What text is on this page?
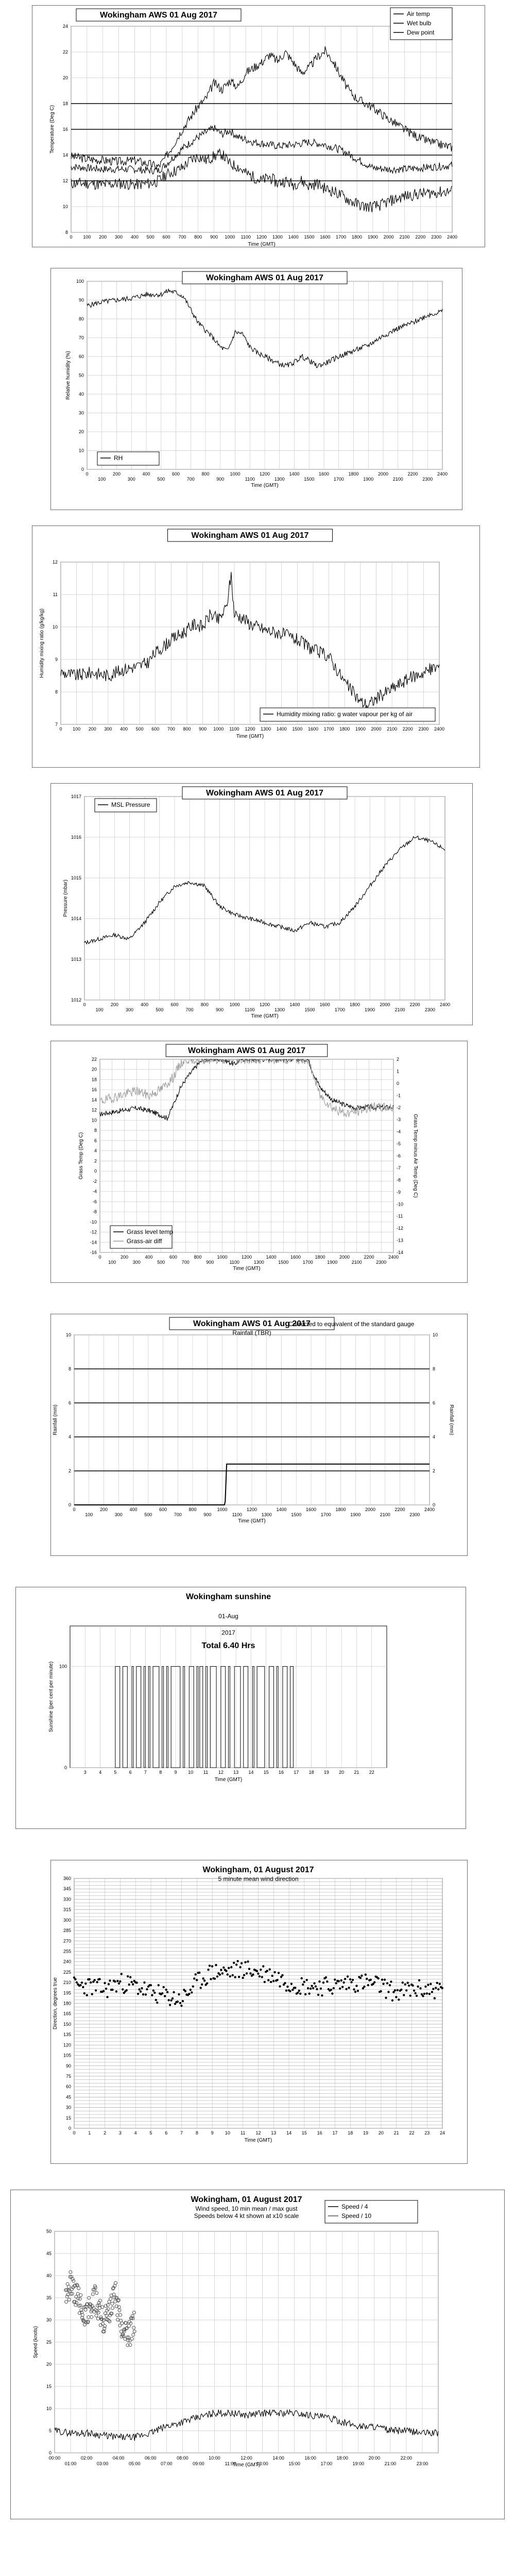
0 100 200 300 400 500 600 700 800 900 1000 1100 1200 1300 1400 1500 1600 1700 1800 1900 2000 2100 2200 2300 2400
8
10
12
14
16
18
20
22
24
Time (GMT)
Temperature (Deg C)
Wokingham AWS 01 Aug 2017	Air temp
Wet bulb
Dew point
0
100
200
300
400
500
600
700
800
900
1000
1100
1200
1300
1400
1500
1600
1700
1800
1900
2000
2100
2200
2300
2400
0
10
20
30
40
50
60
70
80
90
100
Time (GMT)
Relative humidity (%)
Wokingham AWS 01 Aug 2017
RH
0 100 200 300 400 500 600 700 800 900 1000 1100 1200 1300 1400 1500 1600 1700 1800 1900 2000 2100 2200 2300 2400
7
8
9
10
11
12
Time (GMT)
Humidity mixing ratio (g/kg/kg)
Wokingham AWS 01 Aug 2017
Humidity mixing ratio: g water vapour per kg of air
0
100
200
300
400
500
600
700
800
900
1000
1100
1200
1300
1400
1500
1600
1700
1800
1900
2000
2100
2200
2300
2400
1012
1013
1014
1015
1016
1017
Time (GMT)
Pressure (mbar)
Wokingham AWS 01 Aug 2017
MSL Pressure
0
100
200
300
400
500
600
700
800
900
1000
1100
1200
1300
1400
1500
1600
1700
1800
1900
2000
2100
2200
2300
2400
-16
-14
-12
-10
-8
-6
-4
-2
0
2
4
6
8
10
12
14
16
18
20
22
-14
-13
-12
-11
-10
-9
-8
-7
-6
-5
-4
-3
-2
-1
0
1
2
Time (GMT)
Grass Temp (Deg C)	Grass Temp minus Air Temp (Deg C)
Wokingham AWS 01 Aug 2017
Grass level temp
Grass-air diff
0
100
200
300
400
500
600
700
800
900
1000
1100
1200
1300
1400
1500
1600
1700
1800
1900
2000
2100
2200
2300
2400
0
2
4
6
8
10
0
2
4
6
8
10
Time (GMT)
Rainfall (mm)	Rainfall (mm)
Wokingham AWS 01 Aug 2017
Rainfall (TBR)
Corrected to equivalent of the standard gauge
3	4	5	6	7	8	9 10 11 12 13 14 15 16 17 18 19 20 21 22
0
100
Time (GMT)
Sunshine (per cent per minute)
01-Aug
2017
Total 6.40 Hrs
Wokingham sunshine
0	1	2	3	4	5	6	7	8	9 10 11 12 13 14 15 16 17 18 19 20 21 22 23 24
0
15
30
45
60
75
90
105
120
135
150
165
180
195
210
225
240
255
270
285
300
315
330
345
360
Time (GMT)
Direction, degrees true
Wokingham, 01 August 2017
5 minute mean wind direction
00:00	02:00	04:00	06:00	08:00	10:00	12:00	14:00	16:00	18:00	20:00	22:00
01:00	03:00	05:00	07:00	09:00	11:00	13:00	15:00	17:00	19:00	21:00	23:00
0
5
10
15
20
25
30
35
40
45
50
Time (GMT)
Speed (knots)
Wokingham, 01 August 2017
Wind speed, 10 min mean / max gust
Speeds below 4 kt shown at x10 scale
Speed / 4
Speed / 10
